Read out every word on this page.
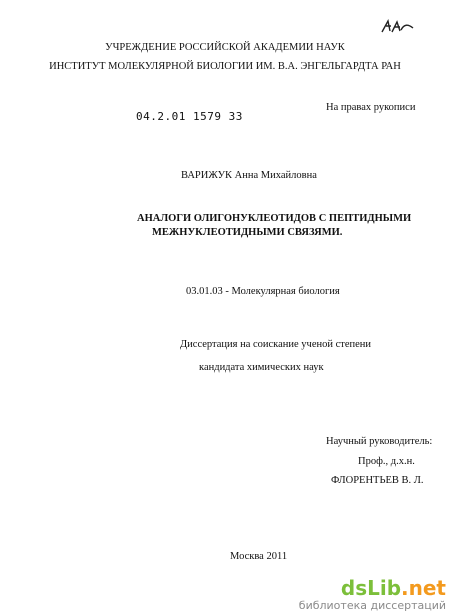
УЧРЕЖДЕНИЕ РОССИЙСКОЙ АКАДЕМИИ НАУК
ИНСТИТУТ МОЛЕКУЛЯРНОЙ БИОЛОГИИ ИМ. В.А. ЭНГЕЛЬГАРДТА РАН
04.2.01 1579 33
На правах рукописи
ВАРИЖУК Анна Михайловна
АНАЛОГИ ОЛИГОНУКЛЕОТИДОВ С ПЕПТИДНЫМИ
МЕЖНУКЛЕОТИДНЫМИ СВЯЗЯМИ.
03.01.03 - Молекулярная биология
Диссертация на соискание ученой степени
кандидата химических наук
Научный руководитель:
Проф., д.х.н.
ФЛОРЕНТЬЕВ В. Л.
Москва 2011
dsLib.net
библиотека диссертаций
